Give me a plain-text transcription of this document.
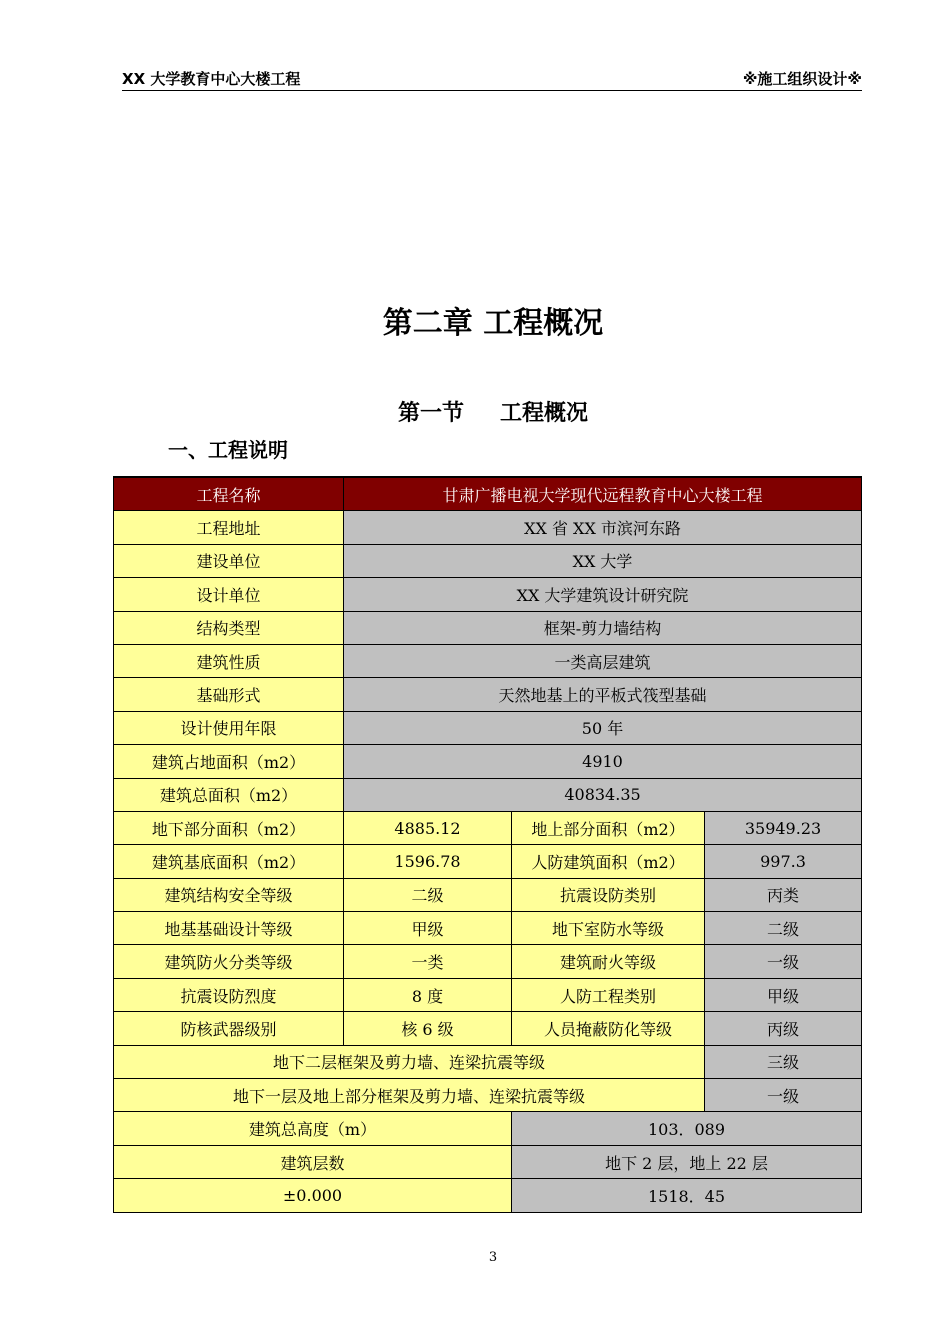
XX 大学教育中心大楼工程	※施工组织设计※
第二章 工程概况
第一节 工程概况
一、工程说明
工程名称	甘肃广播电视大学现代远程教育中心大楼工程		
工程地址	XX 省 XX 市滨河东路		
建设单位	XX 大学		
设计单位	XX 大学建筑设计研究院		
结构类型	框架-剪力墙结构		
建筑性质	一类高层建筑		
基础形式	天然地基上的平板式筏型基础		
设计使用年限	50 年		
建筑占地面积（m2）	4910		
建筑总面积（m2）	40834.35		
地下部分面积（m2）	4885.12	地上部分面积（m2）	35949.23
建筑基底面积（m2）	1596.78	人防建筑面积（m2）	997.3
建筑结构安全等级	二级	抗震设防类别	丙类
地基基础设计等级	甲级	地下室防水等级	二级
建筑防火分类等级	一类	建筑耐火等级	一级
抗震设防烈度	8 度	人防工程类别	甲级
防核武器级别	核 6 级	人员掩蔽防化等级	丙级
地下二层框架及剪力墙、连梁抗震等级			三级
地下一层及地上部分框架及剪力墙、连梁抗震等级			一级
建筑总高度（m）		103．089	
建筑层数		地下 2 层，地上 22 层	
±0.000		1518．45	
3
